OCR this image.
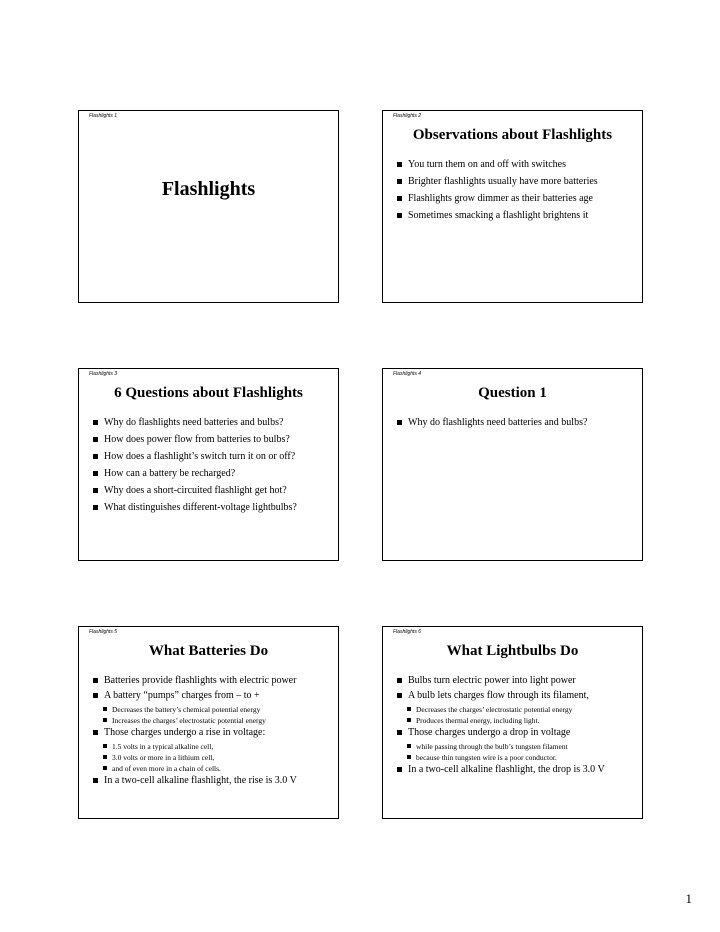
Flashlights 1
Flashlights
Flashlights 2
Observations about Flashlights
You turn them on and off with switches
Brighter flashlights usually have more batteries
Flashlights grow dimmer as their batteries age
Sometimes smacking a flashlight brightens it
Flashlights 3
6 Questions about Flashlights
Why do flashlights need batteries and bulbs?
How does power flow from batteries to bulbs?
How does a flashlight’s switch turn it on or off?
How can a battery be recharged?
Why does a short-circuited flashlight get hot?
What distinguishes different-voltage lightbulbs?
Flashlights 4
Question 1
Why do flashlights need batteries and bulbs?
Flashlights 5
What Batteries Do
Batteries provide flashlights with electric power
A battery “pumps” charges from – to +
Decreases the battery’s chemical potential energy
Increases the charges’ electrostatic potential energy
Those charges undergo a rise in voltage:
1.5 volts in a typical alkaline cell,
3.0 volts or more in a lithium cell,
and of even more in a chain of cells.
In a two-cell alkaline flashlight, the rise is 3.0 V
Flashlights 6
What Lightbulbs Do
Bulbs turn electric power into light power
A bulb lets charges flow through its filament,
Decreases the charges’ electrostatic potential energy
Produces thermal energy, including light.
Those charges undergo a drop in voltage
while passing through the bulb’s tungsten filament
because thin tungsten wire is a poor conductor.
In a two-cell alkaline flashlight, the drop is 3.0 V
1
